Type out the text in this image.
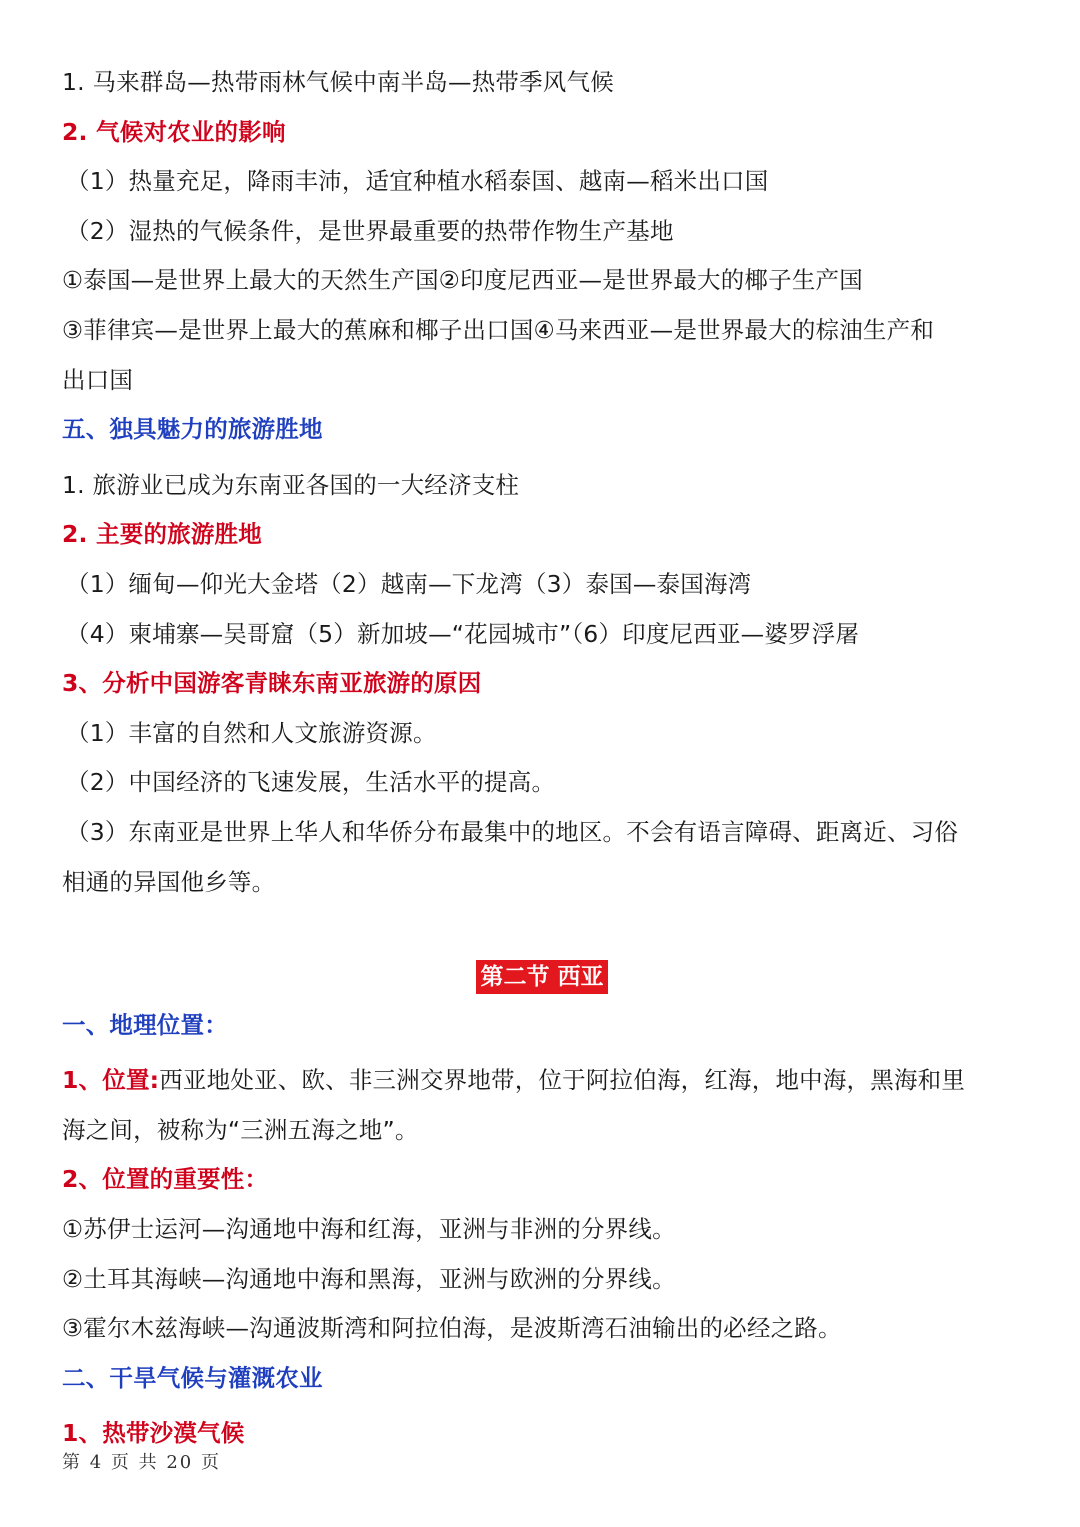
1. 马来群岛—热带雨林气候中南半岛—热带季风气候
2. 气候对农业的影响
（1）热量充足，降雨丰沛，适宜种植水稻泰国、越南—稻米出口国
（2）湿热的气候条件，是世界最重要的热带作物生产基地
①泰国—是世界上最大的天然生产国②印度尼西亚—是世界最大的椰子生产国
③菲律宾—是世界上最大的蕉麻和椰子出口国④马来西亚—是世界最大的棕油生产和
出口国
五、独具魅力的旅游胜地
1. 旅游业已成为东南亚各国的一大经济支柱
2. 主要的旅游胜地
（1）缅甸—仰光大金塔（2）越南—下龙湾（3）泰国—泰国海湾
（4）柬埔寨—吴哥窟（5）新加坡—“花园城市”（6）印度尼西亚—婆罗浮屠
3、分析中国游客青睐东南亚旅游的原因
（1）丰富的自然和人文旅游资源。
（2）中国经济的飞速发展，生活水平的提高。
（3）东南亚是世界上华人和华侨分布最集中的地区。不会有语言障碍、距离近、习俗
相通的异国他乡等。
第二节 西亚
一、地理位置：
1、位置:西亚地处亚、欧、非三洲交界地带，位于阿拉伯海，红海，地中海，黑海和里
海之间，被称为“三洲五海之地”。
2、位置的重要性：
①苏伊士运河—沟通地中海和红海，亚洲与非洲的分界线。
②土耳其海峡—沟通地中海和黑海，亚洲与欧洲的分界线。
③霍尔木兹海峡—沟通波斯湾和阿拉伯海，是波斯湾石油输出的必经之路。
二、干旱气候与灌溉农业
1、热带沙漠气候
第 4 页 共 20 页
